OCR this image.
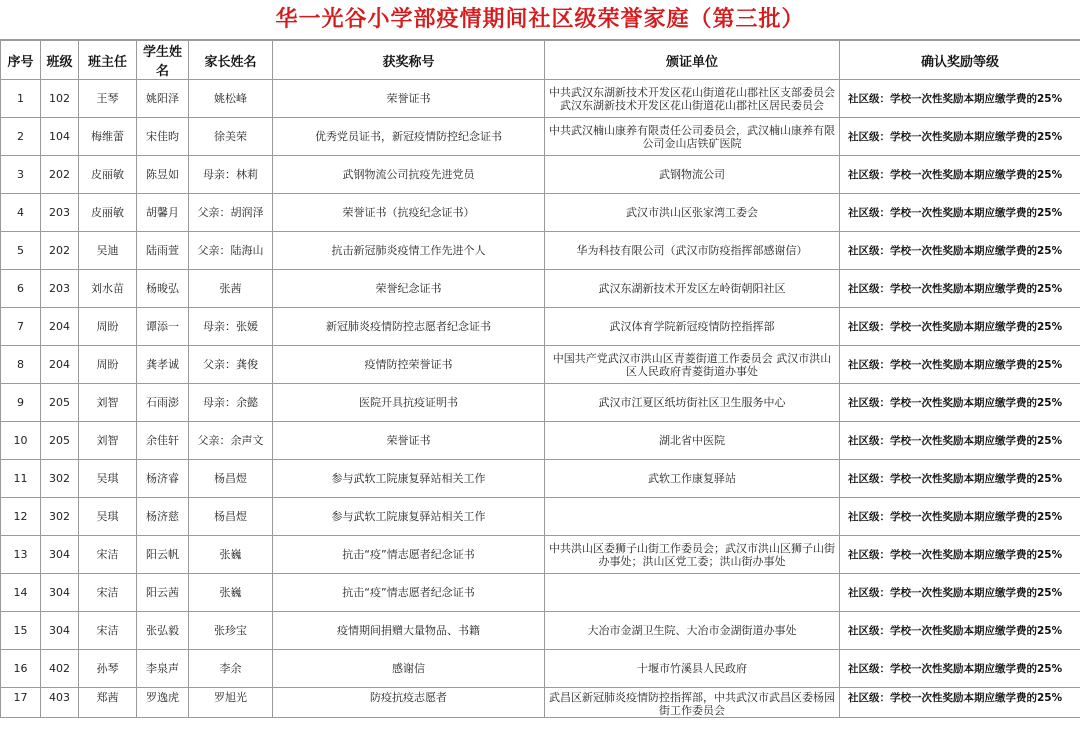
华一光谷小学部疫情期间社区级荣誉家庭（第三批）
序号	班级	班主任	学生姓名	家长姓名	获奖称号	颁证单位	确认奖励等级
1	102	王琴	姚阳泽	姚松峰	荣誉证书	中共武汉东湖新技术开发区花山街道花山郡社区支部委员会 武汉东湖新技术开发区花山街道花山郡社区居民委员会	社区级：学校一次性奖励本期应缴学费的25%
2	104	梅维蕾	宋佳昀	徐美荣	优秀党员证书，新冠疫情防控纪念证书	中共武汉楠山康养有限责任公司委员会，武汉楠山康养有限公司金山店铁矿医院	社区级：学校一次性奖励本期应缴学费的25%
3	202	皮丽敏	陈昱如	母亲：林莉	武钢物流公司抗疫先进党员	武钢物流公司	社区级：学校一次性奖励本期应缴学费的25%
4	203	皮丽敏	胡馨月	父亲：胡润泽	荣誉证书（抗疫纪念证书）	武汉市洪山区张家湾工委会	社区级：学校一次性奖励本期应缴学费的25%
5	202	吴迪	陆雨萱	父亲：陆海山	抗击新冠肺炎疫情工作先进个人	华为科技有限公司（武汉市防疫指挥部感谢信）	社区级：学校一次性奖励本期应缴学费的25%
6	203	刘水苗	杨晙弘	张茜	荣誉纪念证书	武汉东湖新技术开发区左岭街朝阳社区	社区级：学校一次性奖励本期应缴学费的25%
7	204	周盼	谭添一	母亲：张媛	新冠肺炎疫情防控志愿者纪念证书	武汉体育学院新冠疫情防控指挥部	社区级：学校一次性奖励本期应缴学费的25%
8	204	周盼	龚孝诚	父亲：龚俊	疫情防控荣誉证书	中国共产党武汉市洪山区青菱街道工作委员会 武汉市洪山区人民政府青菱街道办事处	社区级：学校一次性奖励本期应缴学费的25%
9	205	刘智	石雨澎	母亲：余懿	医院开具抗疫证明书	武汉市江夏区纸坊街社区卫生服务中心	社区级：学校一次性奖励本期应缴学费的25%
10	205	刘智	余佳轩	父亲：余声文	荣誉证书	湖北省中医院	社区级：学校一次性奖励本期应缴学费的25%
11	302	吴琪	杨济睿	杨昌煜	参与武软工院康复驿站相关工作	武软工作康复驿站	社区级：学校一次性奖励本期应缴学费的25%
12	302	吴琪	杨济慈	杨昌煜	参与武软工院康复驿站相关工作		社区级：学校一次性奖励本期应缴学费的25%
13	304	宋洁	阳云帆	张巍	抗击“疫”情志愿者纪念证书	中共洪山区委狮子山街工作委员会；武汉市洪山区狮子山街办事处；洪山区党工委；洪山街办事处	社区级：学校一次性奖励本期应缴学费的25%
14	304	宋洁	阳云茜	张巍	抗击“疫”情志愿者纪念证书		社区级：学校一次性奖励本期应缴学费的25%
15	304	宋洁	张弘毅	张珍宝	疫情期间捐赠大量物品、书籍	大冶市金湖卫生院、大冶市金湖街道办事处	社区级：学校一次性奖励本期应缴学费的25%
16	402	孙琴	李泉声	李余	感谢信	十堰市竹溪县人民政府	社区级：学校一次性奖励本期应缴学费的25%
17	403	郑茜	罗逸虎	罗旭光	防疫抗疫志愿者	武昌区新冠肺炎疫情防控指挥部，中共武汉市武昌区委杨园街工作委员会	社区级：学校一次性奖励本期应缴学费的25%
